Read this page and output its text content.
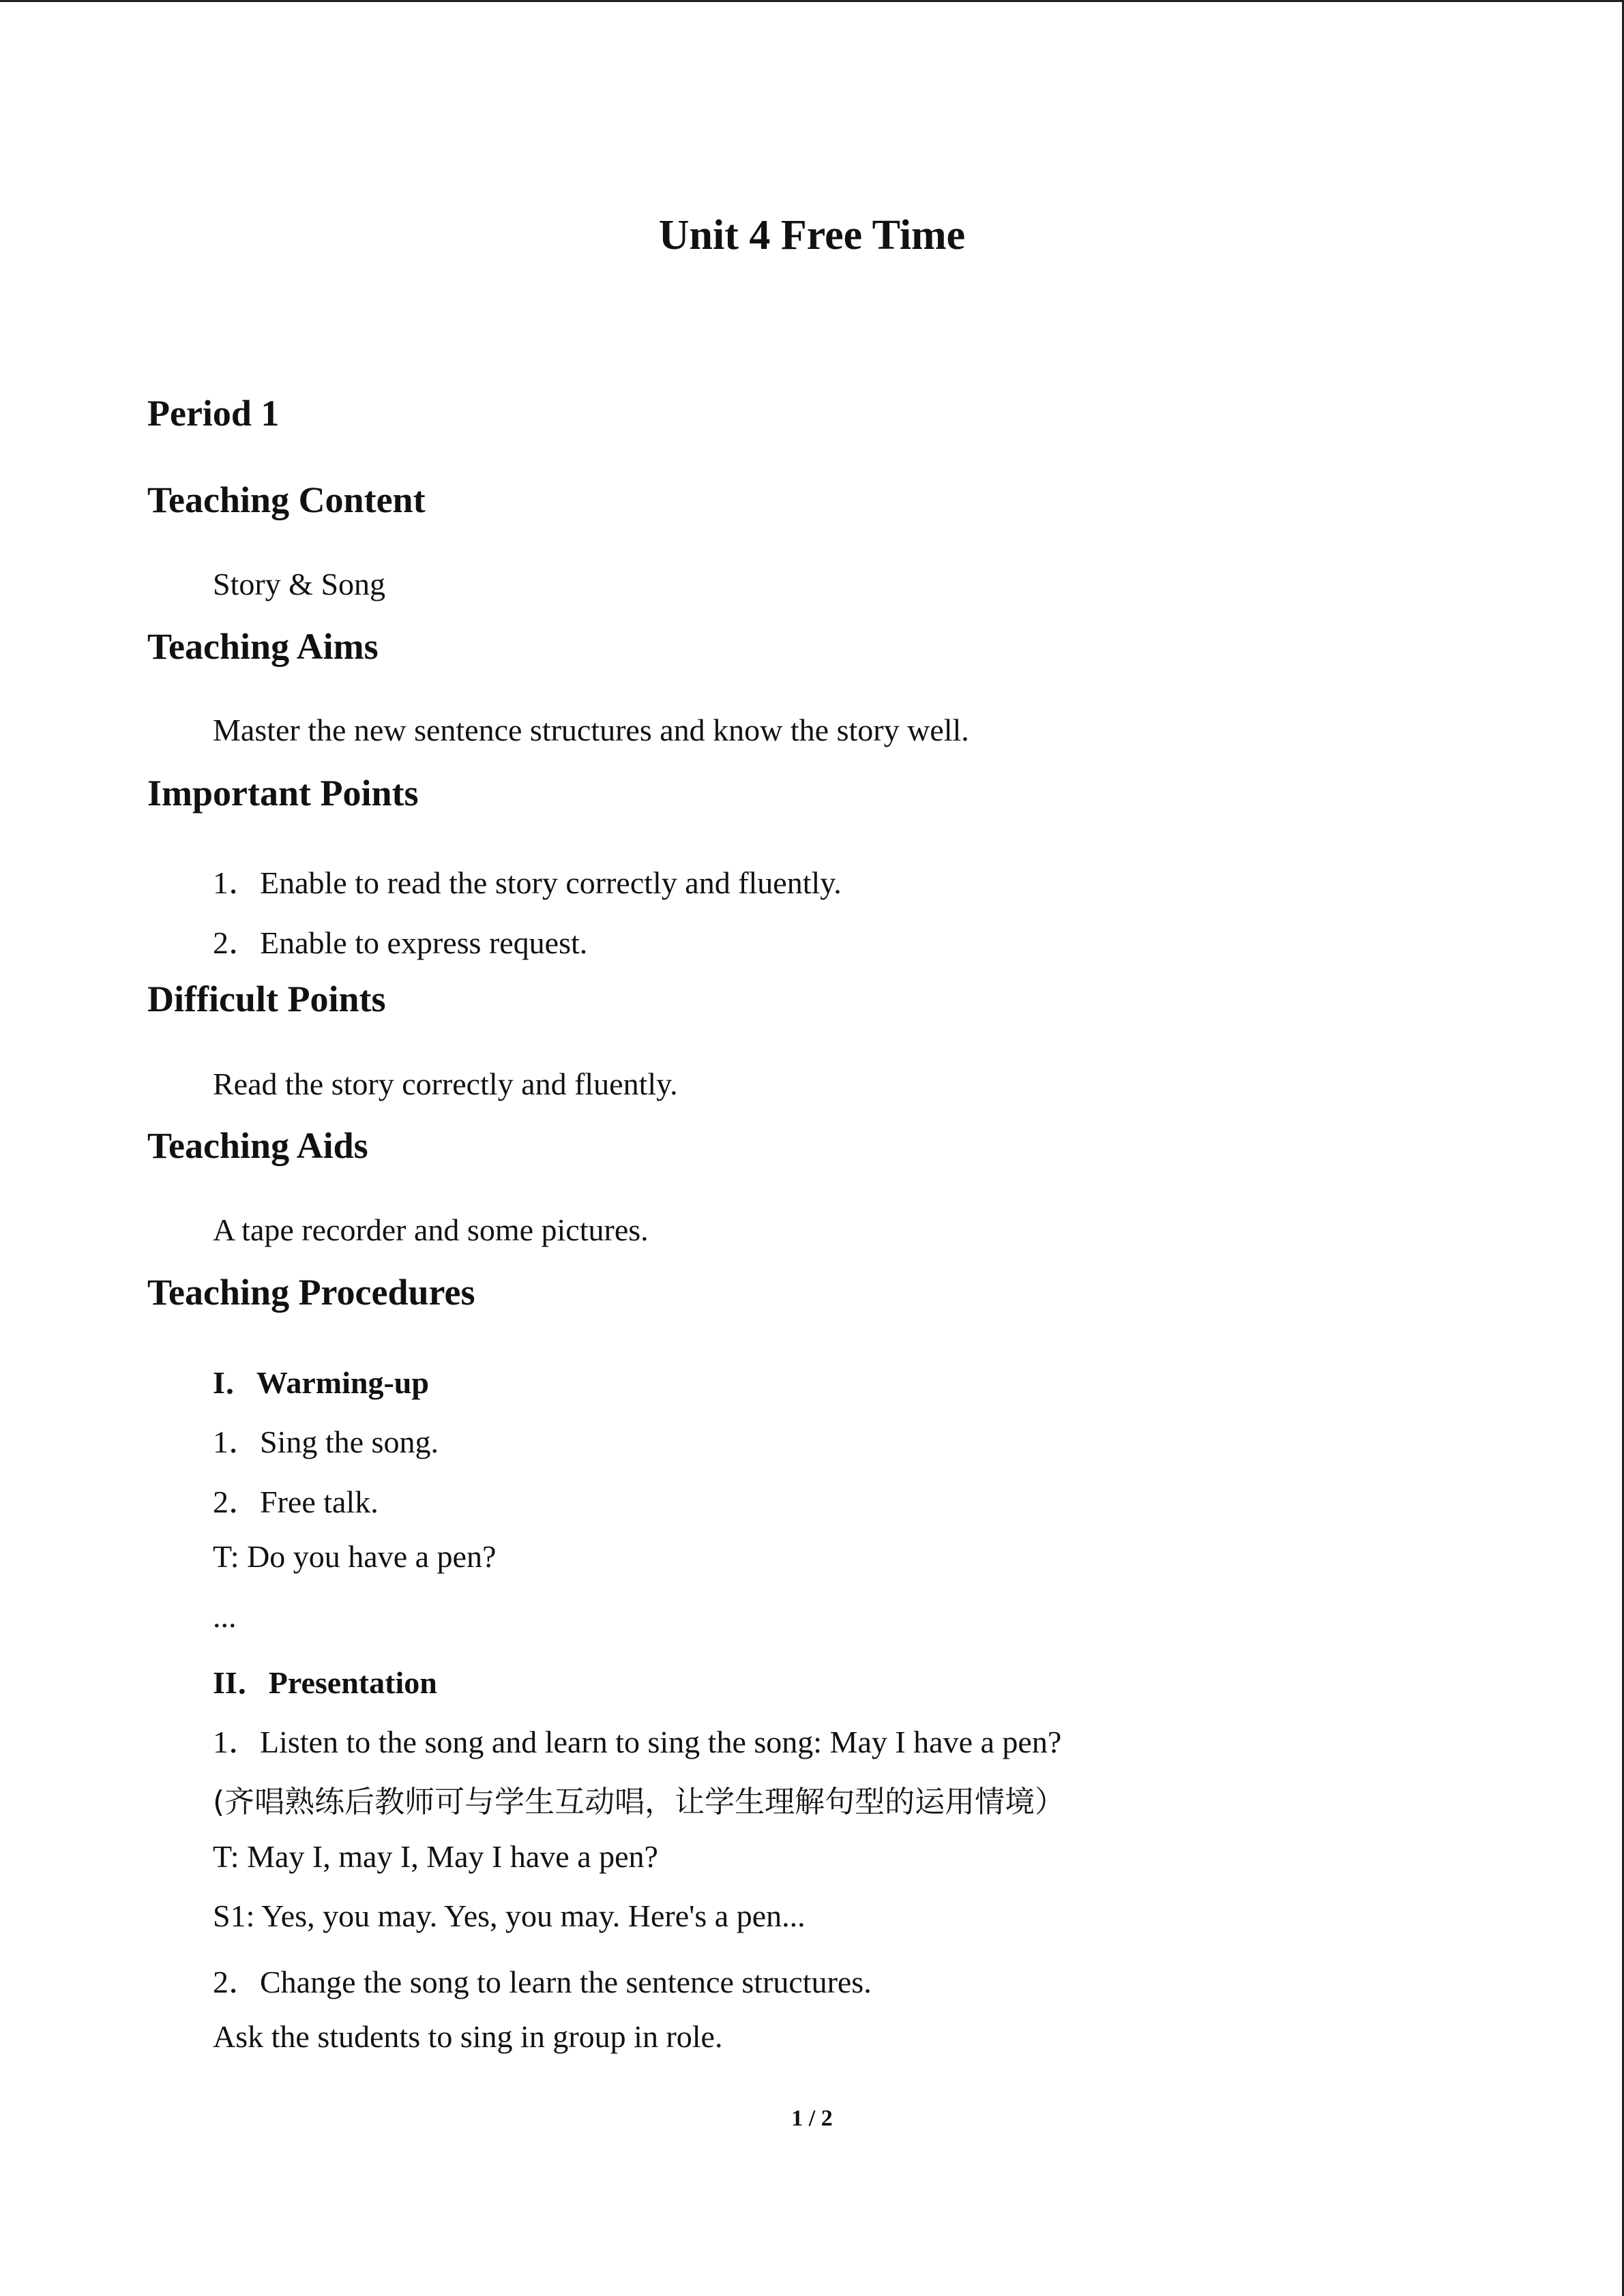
Unit 4 Free Time
Period 1
Teaching Content
Story & Song
Teaching Aims
Master the new sentence structures and know the story well.
Important Points
1．Enable to read the story correctly and fluently.
2．Enable to express request.
Difficult Points
Read the story correctly and fluently.
Teaching Aids
A tape recorder and some pictures.
Teaching Procedures
I．Warming-up
1．Sing the song.
2．Free talk.
T: Do you have a pen?
...
II．Presentation
1．Listen to the song and learn to sing the song: May I have a pen?
(齐唱熟练后教师可与学生互动唱，让学生理解句型的运用情境）
T: May I, may I, May I have a pen?
S1: Yes, you may. Yes, you may. Here's a pen...
2．Change the song to learn the sentence structures.
Ask the students to sing in group in role.
1 / 2
